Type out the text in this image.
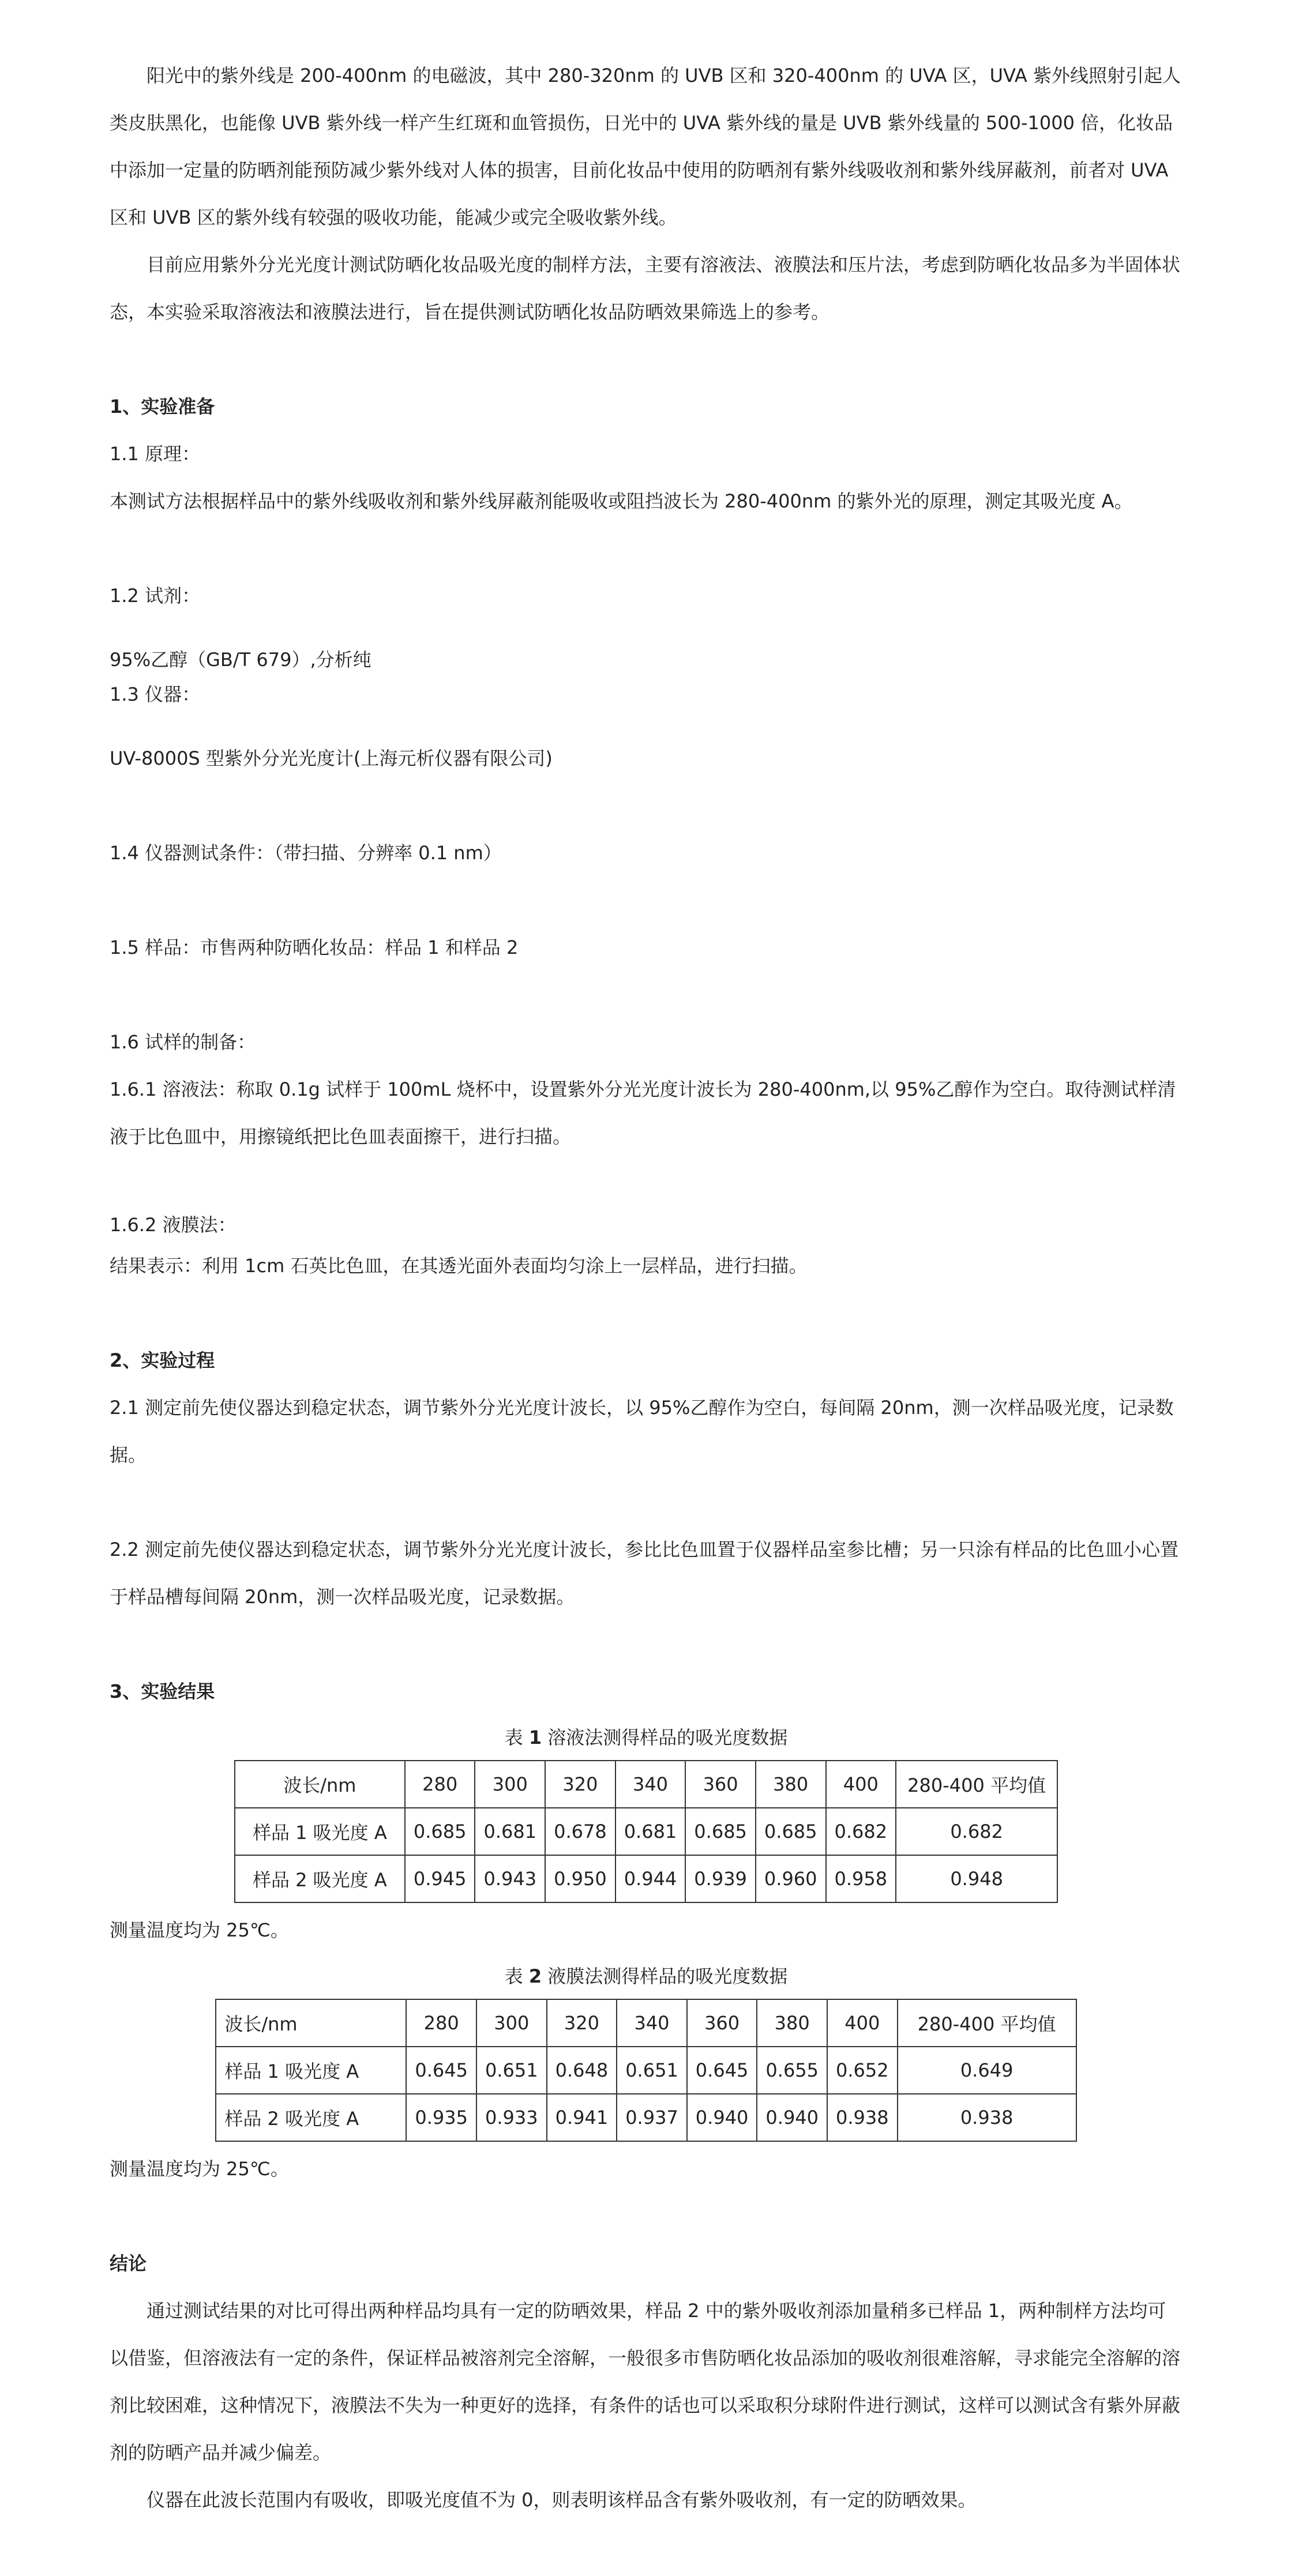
阳光中的紫外线是 200-400nm 的电磁波，其中 280-320nm 的 UVB 区和 320-400nm 的 UVA 区，UVA 紫外线照射引起人类皮肤黑化，也能像 UVB 紫外线一样产生红斑和血管损伤，日光中的 UVA 紫外线的量是 UVB 紫外线量的 500-1000 倍，化妆品中添加一定量的防晒剂能预防减少紫外线对人体的损害，目前化妆品中使用的防晒剂有紫外线吸收剂和紫外线屏蔽剂，前者对 UVA 区和 UVB 区的紫外线有较强的吸收功能，能减少或完全吸收紫外线。

目前应用紫外分光光度计测试防晒化妆品吸光度的制样方法，主要有溶液法、液膜法和压片法，考虑到防晒化妆品多为半固体状态，本实验采取溶液法和液膜法进行，旨在提供测试防晒化妆品防晒效果筛选上的参考。

1、实验准备

1.1 原理：

本测试方法根据样品中的紫外线吸收剂和紫外线屏蔽剂能吸收或阻挡波长为 280-400nm 的紫外光的原理，测定其吸光度 A。

1.2 试剂：

95%乙醇（GB/T 679）,分析纯

1.3 仪器：

UV-8000S 型紫外分光光度计(上海元析仪器有限公司)

1.4 仪器测试条件：（带扫描、分辨率 0.1 nm）

1.5 样品：市售两种防晒化妆品：样品 1 和样品 2

1.6 试样的制备：

1.6.1 溶液法：称取 0.1g 试样于 100mL 烧杯中，设置紫外分光光度计波长为 280-400nm,以 95%乙醇作为空白。取待测试样清液于比色皿中，用擦镜纸把比色皿表面擦干，进行扫描。

1.6.2 液膜法：

结果表示：利用 1cm 石英比色皿，在其透光面外表面均匀涂上一层样品，进行扫描。

2、实验过程

2.1 测定前先使仪器达到稳定状态，调节紫外分光光度计波长，以 95%乙醇作为空白，每间隔 20nm，测一次样品吸光度，记录数据。

2.2 测定前先使仪器达到稳定状态，调节紫外分光光度计波长，参比比色皿置于仪器样品室参比槽；另一只涂有样品的比色皿小心置于样品槽每间隔 20nm，测一次样品吸光度，记录数据。

3、实验结果

表 1 溶液法测得样品的吸光度数据

波长/nm	280	300	320	340	360	380	400	280-400 平均值
样品 1 吸光度 A	0.685	0.681	0.678	0.681	0.685	0.685	0.682	0.682
样品 2 吸光度 A	0.945	0.943	0.950	0.944	0.939	0.960	0.958	0.948

测量温度均为 25℃。

表 2 液膜法测得样品的吸光度数据

波长/nm	280	300	320	340	360	380	400	280-400 平均值
样品 1 吸光度 A	0.645	0.651	0.648	0.651	0.645	0.655	0.652	0.649
样品 2 吸光度 A	0.935	0.933	0.941	0.937	0.940	0.940	0.938	0.938

测量温度均为 25℃。

结论

通过测试结果的对比可得出两种样品均具有一定的防晒效果，样品 2 中的紫外吸收剂添加量稍多已样品 1，两种制样方法均可以借鉴，但溶液法有一定的条件，保证样品被溶剂完全溶解，一般很多市售防晒化妆品添加的吸收剂很难溶解，寻求能完全溶解的溶剂比较困难，这种情况下，液膜法不失为一种更好的选择，有条件的话也可以采取积分球附件进行测试，这样可以测试含有紫外屏蔽剂的防晒产品并减少偏差。

仪器在此波长范围内有吸收，即吸光度值不为 0，则表明该样品含有紫外吸收剂，有一定的防晒效果。
